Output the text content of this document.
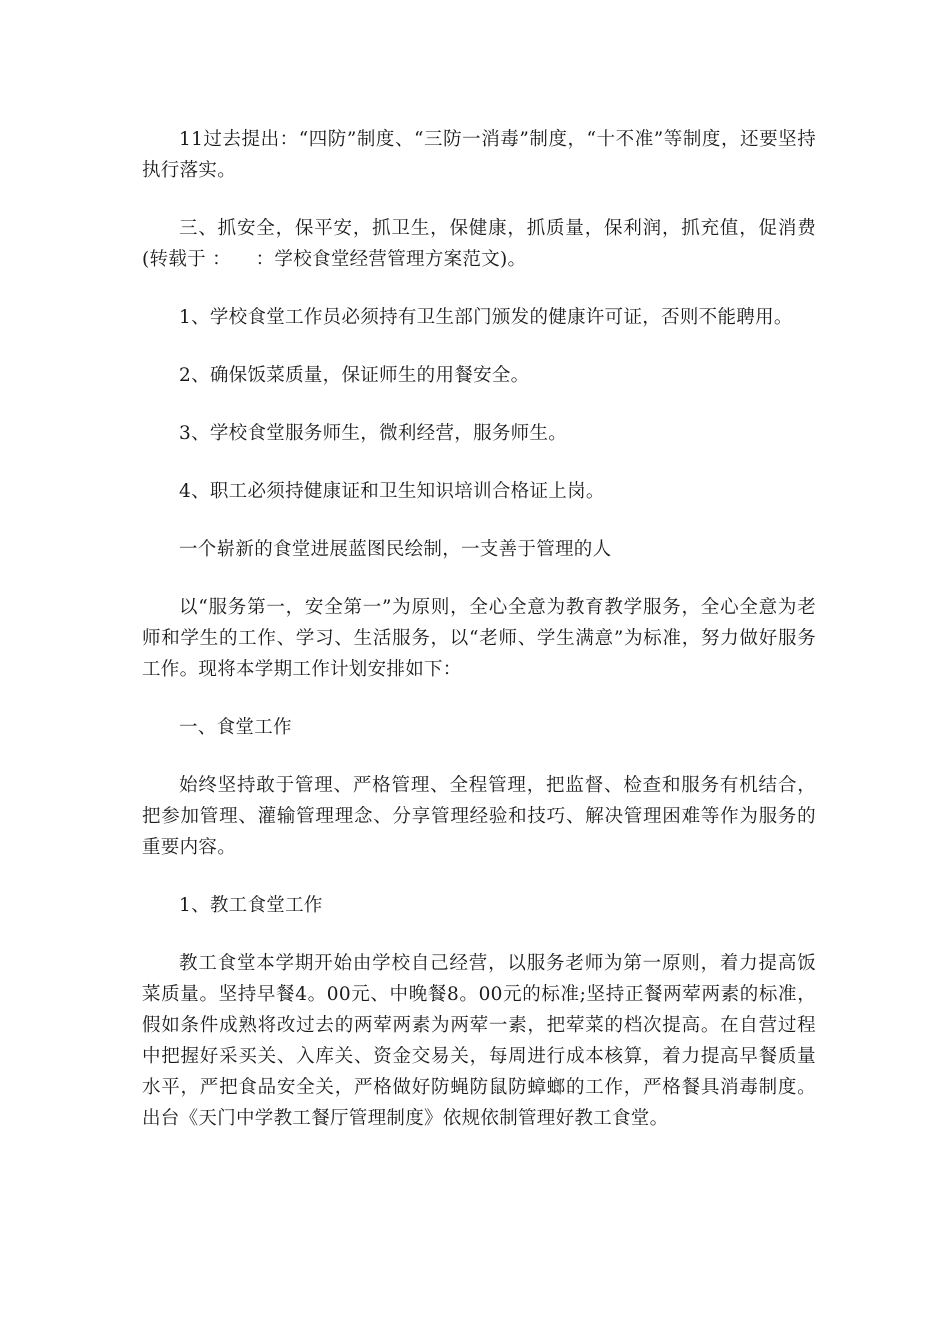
11过去提出：“四防”制度、“三防一消毒”制度，“十不准”等制度，还要坚持执行落实。

三、抓安全，保平安，抓卫生，保健康，抓质量，保利润，抓充值，促消费(转载于 ：    ：学校食堂经营管理方案范文)。

1、学校食堂工作员必须持有卫生部门颁发的健康许可证，否则不能聘用。

2、确保饭菜质量，保证师生的用餐安全。

3、学校食堂服务师生，微利经营，服务师生。

4、职工必须持健康证和卫生知识培训合格证上岗。

一个崭新的食堂进展蓝图民绘制，一支善于管理的人

以“服务第一，安全第一”为原则，全心全意为教育教学服务，全心全意为老师和学生的工作、学习、生活服务，以“老师、学生满意”为标准，努力做好服务工作。现将本学期工作计划安排如下：

一、食堂工作

始终坚持敢于管理、严格管理、全程管理，把监督、检查和服务有机结合，把参加管理、灌输管理理念、分享管理经验和技巧、解决管理困难等作为服务的重要内容。

1、教工食堂工作

教工食堂本学期开始由学校自己经营，以服务老师为第一原则，着力提高饭菜质量。坚持早餐4。00元、中晚餐8。00元的标准;坚持正餐两荤两素的标准，假如条件成熟将改过去的两荤两素为两荤一素，把荤菜的档次提高。在自营过程中把握好采买关、入库关、资金交易关，每周进行成本核算，着力提高早餐质量水平，严把食品安全关，严格做好防蝇防鼠防蟑螂的工作，严格餐具消毒制度。出台《天门中学教工餐厅管理制度》依规依制管理好教工食堂。
